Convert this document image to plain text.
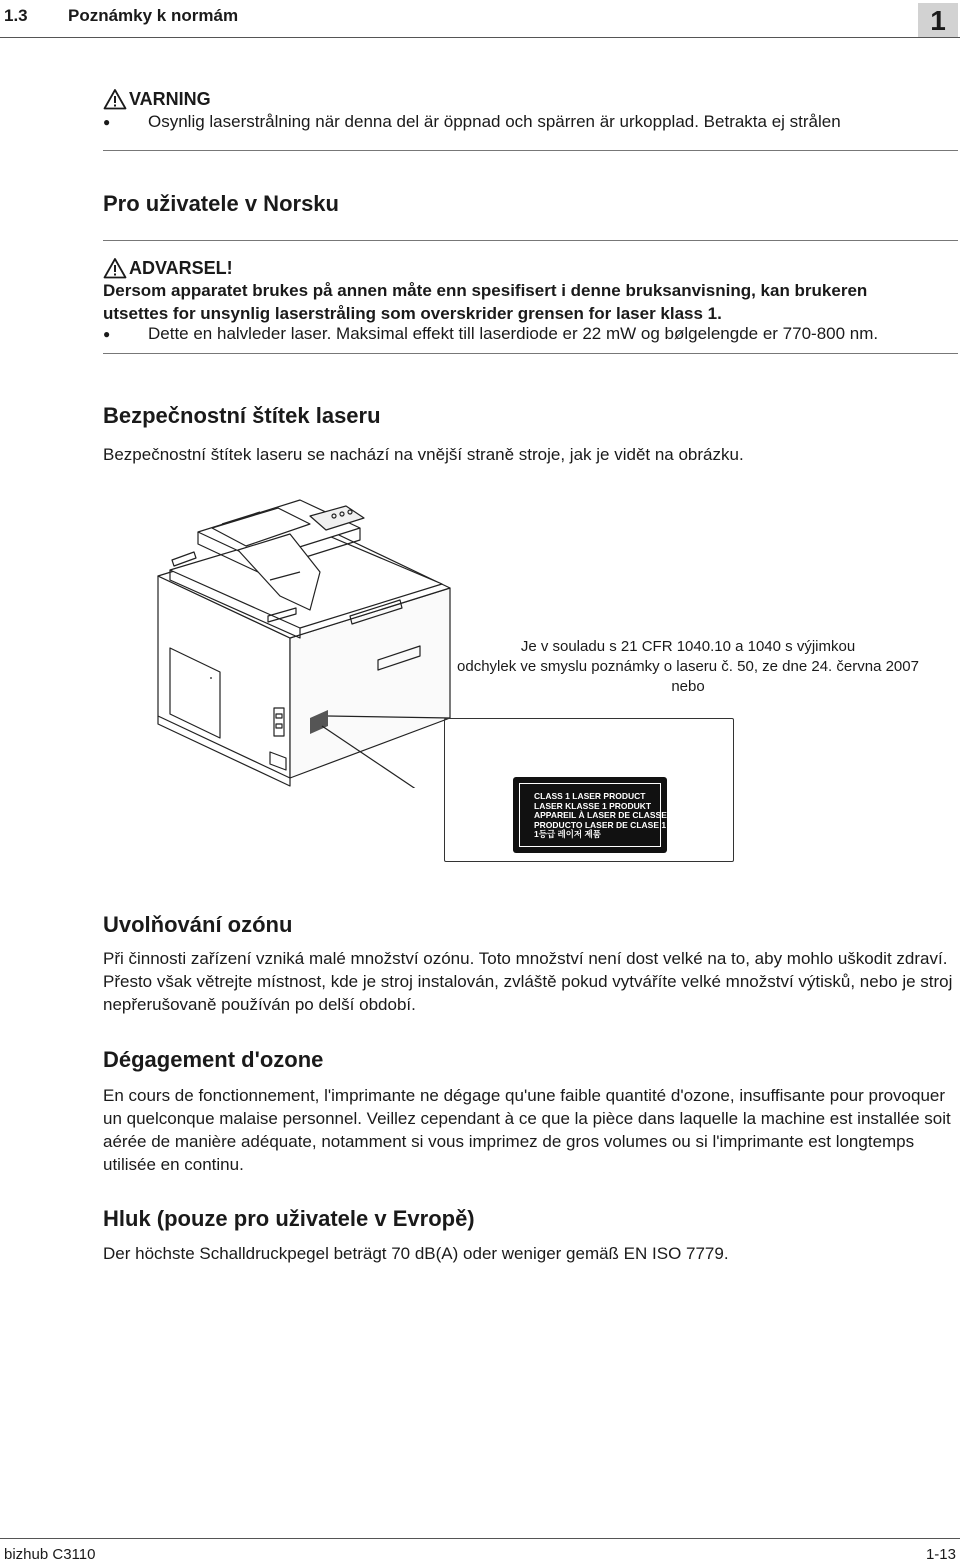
1.3 Poznámky k normám	1
VARNING
●	Osynlig laserstrålning när denna del är öppnad och spärren är urkopplad. Betrakta ej strålen
Pro uživatele v Norsku
ADVARSEL!
Dersom apparatet brukes på annen måte enn spesifisert i denne bruksanvisning, kan brukeren utsettes for unsynlig laserstråling som overskrider grensen for laser klass 1.
●	Dette en halvleder laser. Maksimal effekt till laserdiode er 22 mW og bølgelengde er 770-800 nm.
Bezpečnostní štítek laseru
Bezpečnostní štítek laseru se nachází na vnější straně stroje, jak je vidět na obrázku.
Je v souladu s 21 CFR 1040.10 a 1040 s výjimkou
odchylek ve smyslu poznámky o laseru č. 50, ze dne 24. června 2007
nebo
CLASS 1 LASER PRODUCT
LASER KLASSE 1 PRODUKT
APPAREIL À LASER DE CLASSE 1
PRODUCTO LASER DE CLASE 1
1등급 레이저 제품
Uvolňování ozónu
Při činnosti zařízení vzniká malé množství ozónu. Toto množství není dost velké na to, aby mohlo uškodit zdraví. Přesto však větrejte místnost, kde je stroj instalován, zvláště pokud vytváříte velké množství výtisků, nebo je stroj nepřerušovaně používán po delší období.
Dégagement d'ozone
En cours de fonctionnement, l'imprimante ne dégage qu'une faible quantité d'ozone, insuffisante pour provoquer un quelconque malaise personnel. Veillez cependant à ce que la pièce dans laquelle la machine est installée soit aérée de manière adéquate, notamment si vous imprimez de gros volumes ou si l'imprimante est longtemps utilisée en continu.
Hluk (pouze pro uživatele v Evropě)
Der höchste Schalldruckpegel beträgt 70 dB(A) oder weniger gemäß EN ISO 7779.
bizhub C3110	1-13
